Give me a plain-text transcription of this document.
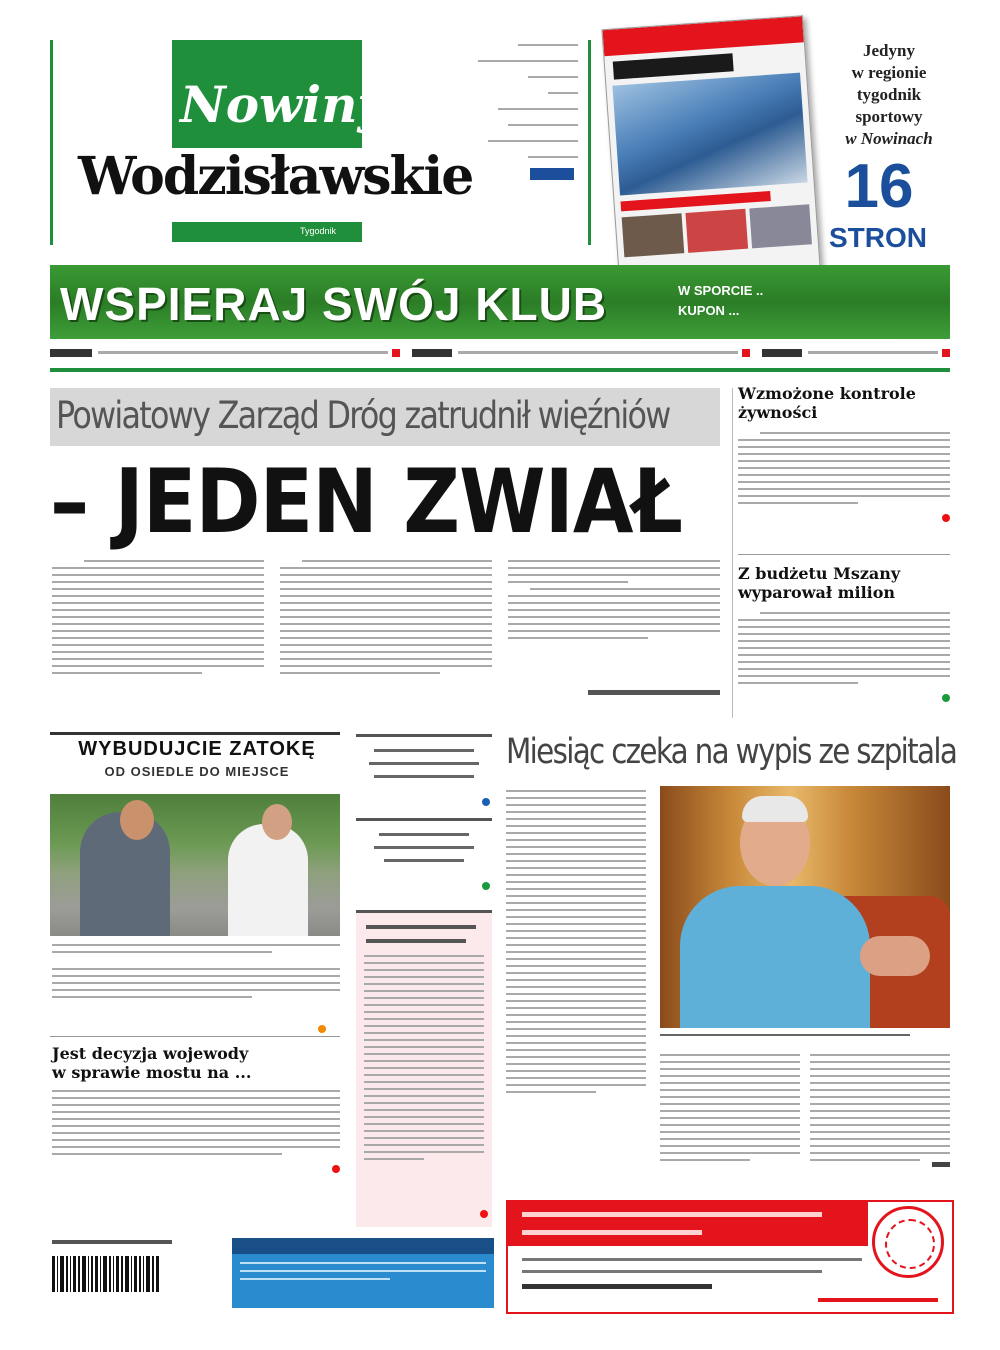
Nowiny
Wodzisławskie
Tygodnik
Jedyny
w regionie
tygodnik
sportowy
w Nowinach
16
STRON
WSPIERAJ SWÓJ KLUB	W SPORCIE ..
KUPON ...
Powiatowy Zarząd Dróg zatrudnił więźniów
– JEDEN ZWIAŁ
Wzmożone kontrole żywności
Z budżetu Mszany wyparował milion
WYBUDUJCIE ZATOKĘ
OD OSIEDLE DO MIEJSCE
Jest decyzja wojewody
w sprawie mostu na ...
Miesiąc czeka na wypis ze szpitala
